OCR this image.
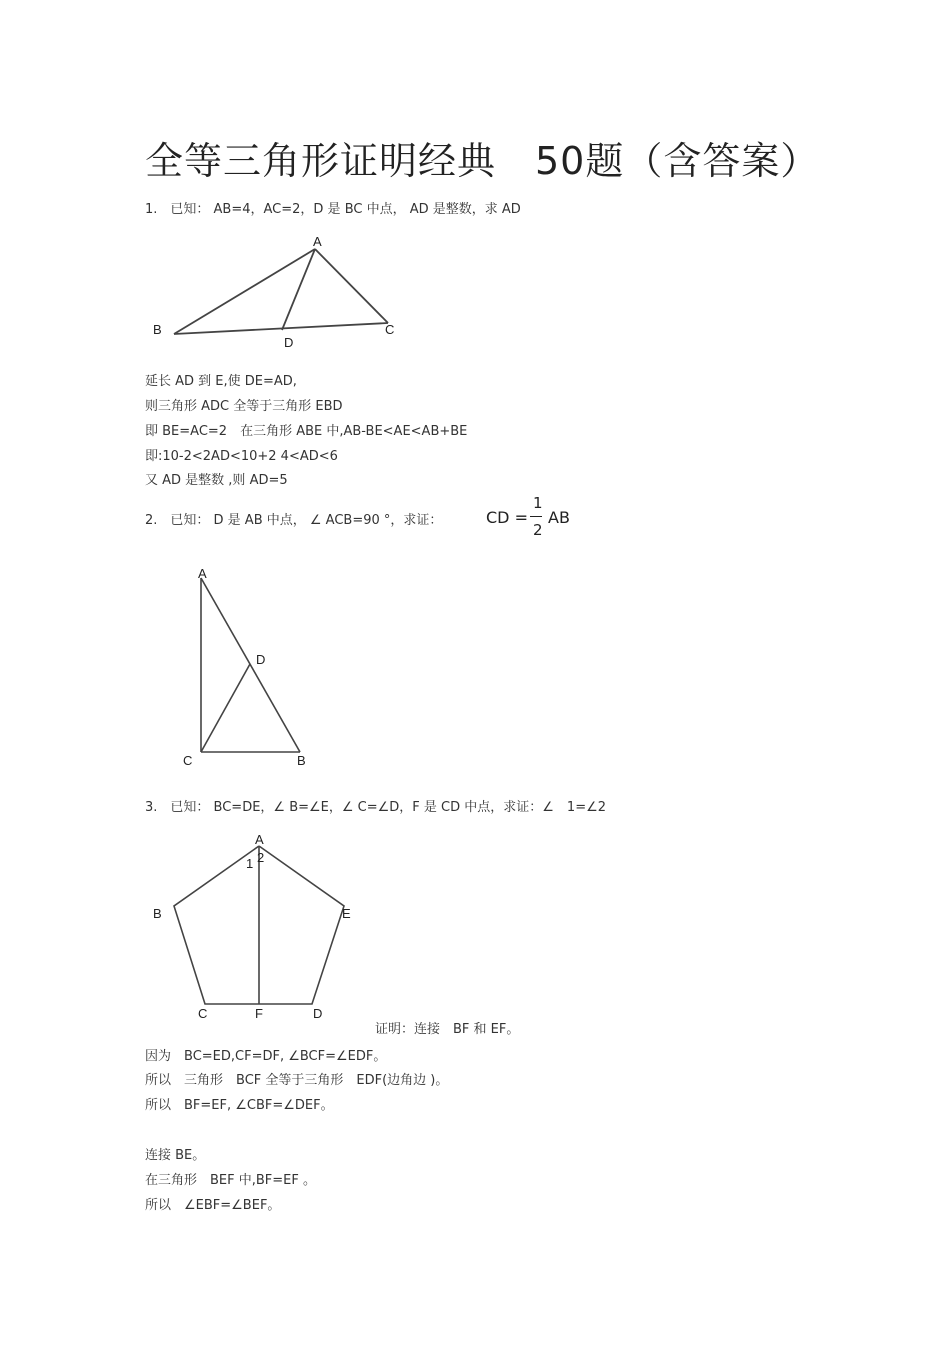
全等三角形证明经典　50题（含答案）
1.　已知： AB=4，AC=2，D 是 BC 中点， AD 是整数，求 AD
A
B	C
D
A
D
C	B
A
1 2
B	E
C	F	D
延长 AD 到 E,使 DE=AD,
则三角形 ADC 全等于三角形 EBD
即 BE=AC=2　在三角形 ABE 中,AB-BE<AE<AB+BE
即:10-2<2AD<10+2 4<AD<6
又 AD 是整数 ,则 AD=5
2.　已知： D 是 AB 中点， ∠ ACB=90 °，求证：	CD =
1
2
AB
3.　已知： BC=DE，∠ B=∠E，∠ C=∠D，F 是 CD 中点，求证：∠　1=∠2
证明：连接　BF 和 EF。
因为　BC=ED,CF=DF, ∠BCF=∠EDF。
所以　三角形　BCF 全等于三角形　EDF(边角边 )。
所以　BF=EF, ∠CBF=∠DEF。
连接 BE。
在三角形　BEF 中,BF=EF 。
所以　∠EBF=∠BEF。
